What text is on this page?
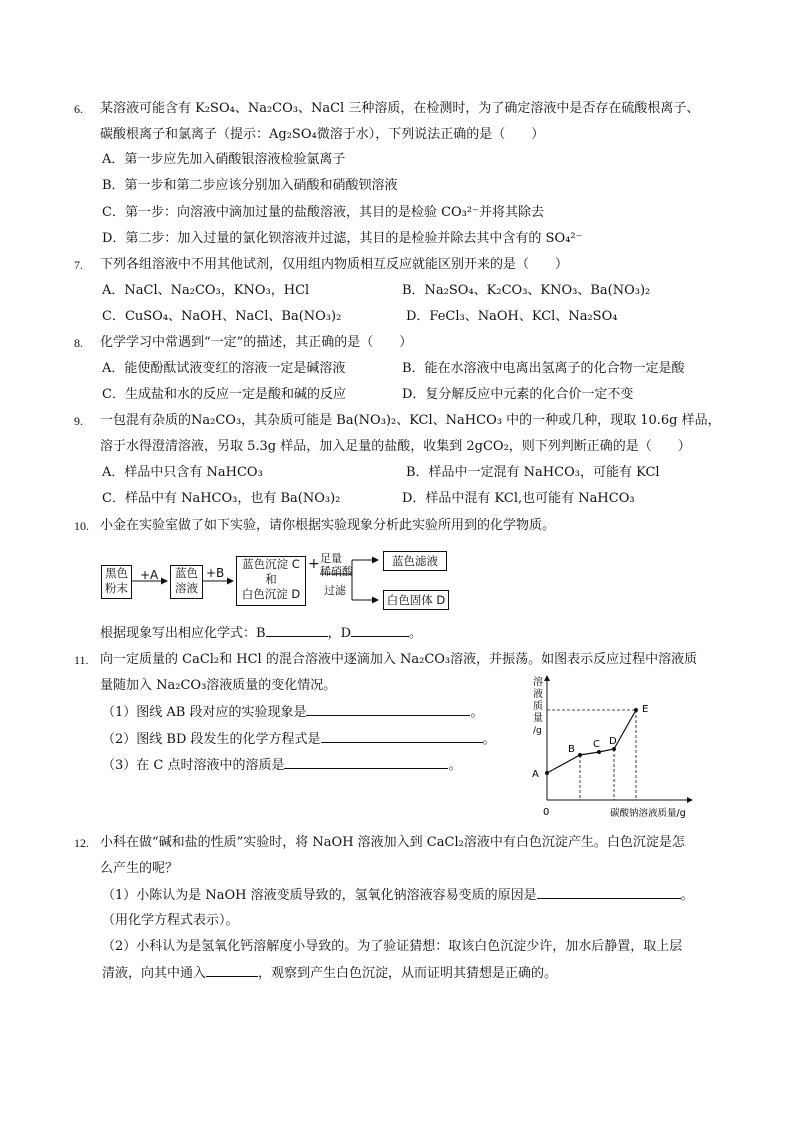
6. 某溶液可能含有 K₂SO₄、Na₂CO₃、NaCl 三种溶质，在检测时，为了确定溶液中是否存在硫酸根离子、
碳酸根离子和氯离子（提示：Ag₂SO₄微溶于水），下列说法正确的是（　　）
A．第一步应先加入硝酸银溶液检验氯离子
B．第一步和第二步应该分别加入硝酸和硝酸钡溶液
C．第一步：向溶液中滴加过量的盐酸溶液，其目的是检验 CO₃²⁻并将其除去
D．第二步：加入过量的氯化钡溶液并过滤，其目的是检验并除去其中含有的 SO₄²⁻
7. 下列各组溶液中不用其他试剂，仅用组内物质相互反应就能区别开来的是（　　）
A．NaCl、Na₂CO₃，KNO₃，HCl	B．Na₂SO₄、K₂CO₃、KNO₃、Ba(NO₃)₂
C．CuSO₄、NaOH、NaCl、Ba(NO₃)₂	D．FeCl₃、NaOH、KCl、Na₂SO₄
8. 化学学习中常遇到“一定”的描述，其正确的是（　　）
A．能使酚酞试液变红的溶液一定是碱溶液	B．能在水溶液中电离出氢离子的化合物一定是酸
C．生成盐和水的反应一定是酸和碱的反应	D．复分解反应中元素的化合价一定不变
9. 一包混有杂质的Na₂CO₃，其杂质可能是 Ba(NO₃)₂、KCl、NaHCO₃ 中的一种或几种，现取 10.6g 样品，
溶于水得澄清溶液，另取 5.3g 样品，加入足量的盐酸，收集到 2gCO₂，则下列判断正确的是（　　）
A．样品中只含有 NaHCO₃	B．样品中一定混有 NaHCO₃，可能有 KCl
C．样品中有 NaHCO₃，也有 Ba(NO₃)₂	D．样品中混有 KCl,也可能有 NaHCO₃
10. 小金在实验室做了如下实验，请你根据实验现象分析此实验所用到的化学物质。
黑色
粉末
+A	蓝色
溶液
+B
蓝色沉淀 C
和
白色沉淀 D
+ 足量
稀硝酸
过滤
蓝色滤液
白色固体 D
根据现象写出相应化学式：B	，D	。
11. 向一定质量的 CaCl₂和 HCl 的混合溶液中逐滴加入 Na₂CO₃溶液，并振荡。如图表示反应过程中溶液质
量随加入 Na₂CO₃溶液质量的变化情况。
（1）图线 AB 段对应的实验现象是	。
（2）图线 BD 段发生的化学方程式是	。
（3）在 C 点时溶液中的溶质是	。
A
B C D
E
溶
液
质
量
/g
0	碳酸钠溶液质量/g
12. 小科在做“碱和盐的性质”实验时，将 NaOH 溶液加入到 CaCl₂溶液中有白色沉淀产生。白色沉淀是怎
么产生的呢？
（1）小陈认为是 NaOH 溶液变质导致的，氢氧化钠溶液容易变质的原因是	。
（用化学方程式表示）。
（2）小科认为是氢氧化钙溶解度小导致的。为了验证猜想：取该白色沉淀少许，加水后静置，取上层
清液，向其中通入	，观察到产生白色沉淀，从而证明其猜想是正确的。
